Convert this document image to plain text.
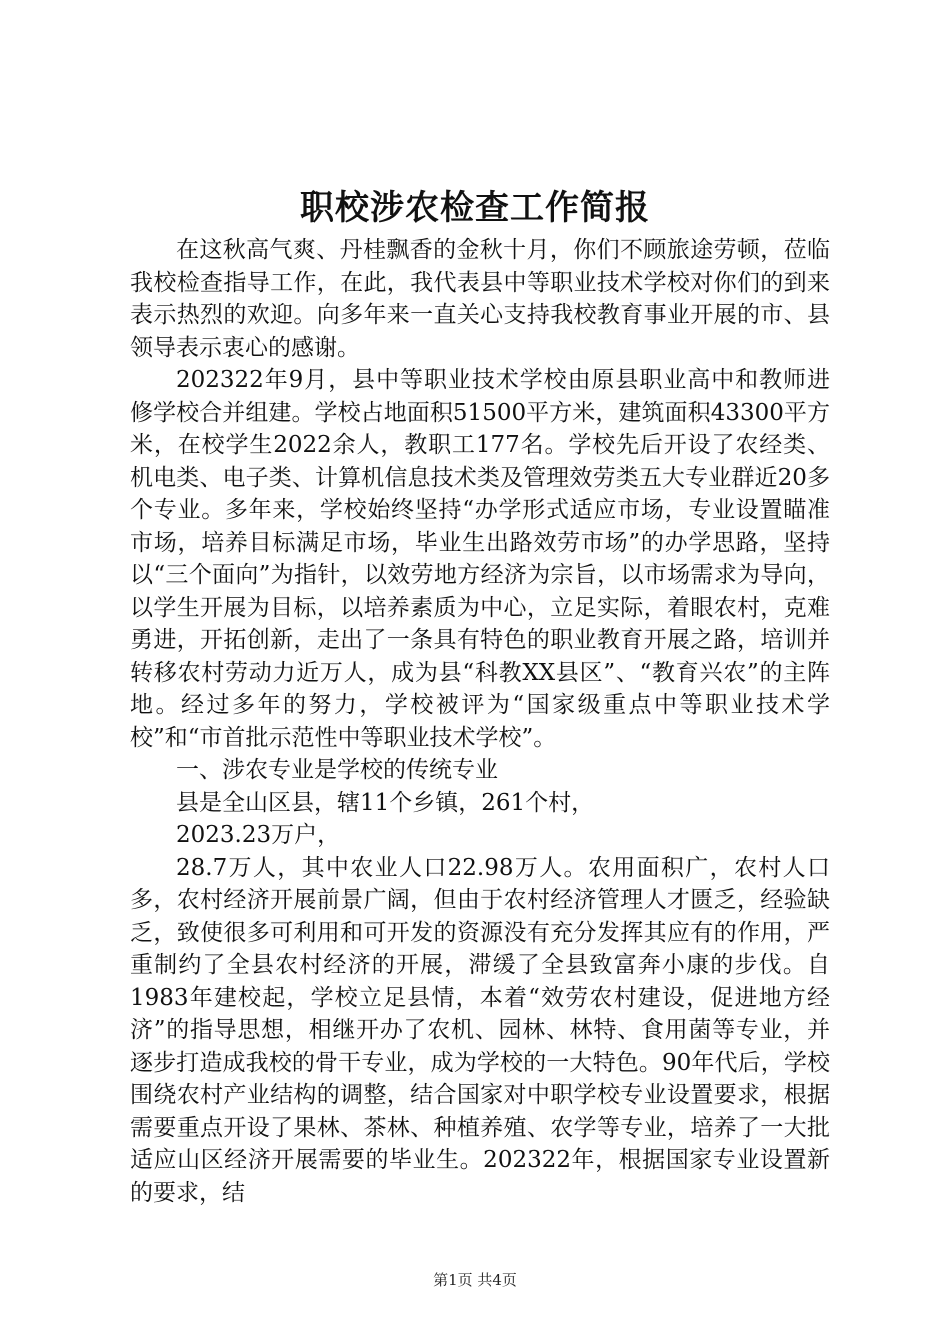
职校涉农检查工作简报

在这秋高气爽、丹桂飘香的金秋十月，你们不顾旅途劳顿，莅临我校检查指导工作，在此，我代表县中等职业技术学校对你们的到来表示热烈的欢迎。向多年来一直关心支持我校教育事业开展的市、县领导表示衷心的感谢。

202322年9月，县中等职业技术学校由原县职业高中和教师进修学校合并组建。学校占地面积51500平方米，建筑面积43300平方米，在校学生2022余人，教职工177名。学校先后开设了农经类、机电类、电子类、计算机信息技术类及管理效劳类五大专业群近20多个专业。多年来，学校始终坚持“办学形式适应市场，专业设置瞄准市场，培养目标满足市场，毕业生出路效劳市场”的办学思路，坚持以“三个面向”为指针，以效劳地方经济为宗旨，以市场需求为导向，以学生开展为目标，以培养素质为中心，立足实际，着眼农村，克难勇进，开拓创新，走出了一条具有特色的职业教育开展之路，培训并转移农村劳动力近万人，成为县“科教XX县区”、“教育兴农”的主阵地。经过多年的努力，学校被评为“国家级重点中等职业技术学校”和“市首批示范性中等职业技术学校”。

一、涉农专业是学校的传统专业

县是全山区县，辖11个乡镇，261个村，

2023.23万户，

28.7万人，其中农业人口22.98万人。农用面积广，农村人口多，农村经济开展前景广阔，但由于农村经济管理人才匮乏，经验缺乏，致使很多可利用和可开发的资源没有充分发挥其应有的作用，严重制约了全县农村经济的开展，滞缓了全县致富奔小康的步伐。自1983年建校起，学校立足县情，本着“效劳农村建设，促进地方经济”的指导思想，相继开办了农机、园林、林特、食用菌等专业，并逐步打造成我校的骨干专业，成为学校的一大特色。90年代后，学校围绕农村产业结构的调整，结合国家对中职学校专业设置要求，根据需要重点开设了果林、茶林、种植养殖、农学等专业，培养了一大批适应山区经济开展需要的毕业生。202322年，根据国家专业设置新的要求，结

第1页 共4页
